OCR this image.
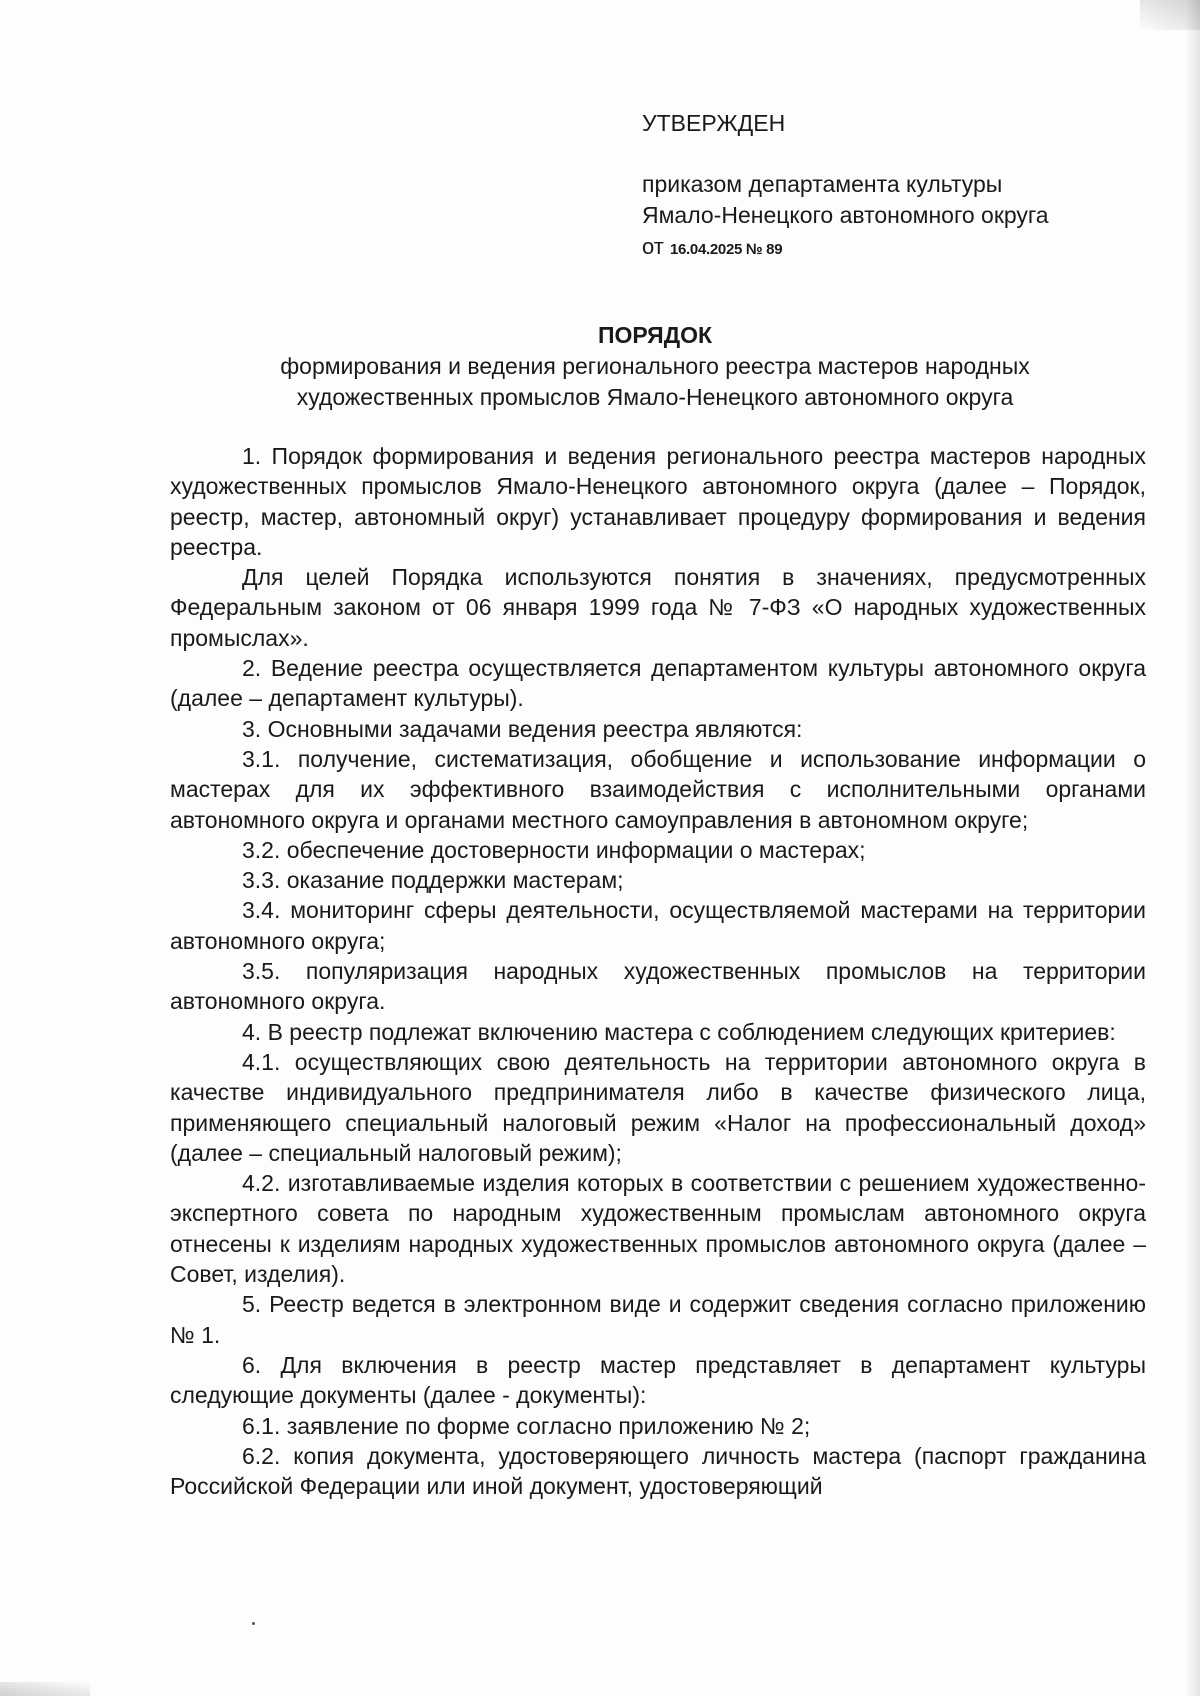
УТВЕРЖДЕН
приказом департамента культуры
Ямало-Ненецкого автономного округа
от 16.04.2025 № 89
ПОРЯДОК
формирования и ведения регионального реестра мастеров народных
художественных промыслов Ямало-Ненецкого автономного округа

1. Порядок формирования и ведения регионального реестра мастеров народных художественных промыслов Ямало-Ненецкого автономного округа (далее – Порядок, реестр, мастер, автономный округ) устанавливает процедуру формирования и ведения реестра.

Для целей Порядка используются понятия в значениях, предусмотренных Федеральным законом от 06 января 1999 года № 7-ФЗ «О народных художественных промыслах».

2. Ведение реестра осуществляется департаментом культуры автономного округа (далее – департамент культуры).

3. Основными задачами ведения реестра являются:

3.1. получение, систематизация, обобщение и использование информации о мастерах для их эффективного взаимодействия с исполнительными органами автономного округа и органами местного самоуправления в автономном округе;

3.2. обеспечение достоверности информации о мастерах;

3.3. оказание поддержки мастерам;

3.4. мониторинг сферы деятельности, осуществляемой мастерами на территории автономного округа;

3.5. популяризация народных художественных промыслов на территории автономного округа.

4. В реестр подлежат включению мастера с соблюдением следующих критериев:

4.1. осуществляющих свою деятельность на территории автономного округа в качестве индивидуального предпринимателя либо в качестве физического лица, применяющего специальный налоговый режим «Налог на профессиональный доход» (далее – специальный налоговый режим);

4.2. изготавливаемые изделия которых в соответствии с решением художественно-экспертного совета по народным художественным промыслам автономного округа отнесены к изделиям народных художественных промыслов автономного округа (далее – Совет, изделия).

5. Реестр ведется в электронном виде и содержит сведения согласно приложению № 1.

6. Для включения в реестр мастер представляет в департамент культуры следующие документы (далее - документы):

6.1. заявление по форме согласно приложению № 2;

6.2. копия документа, удостоверяющего личность мастера (паспорт гражданина Российской Федерации или иной документ, удостоверяющий
